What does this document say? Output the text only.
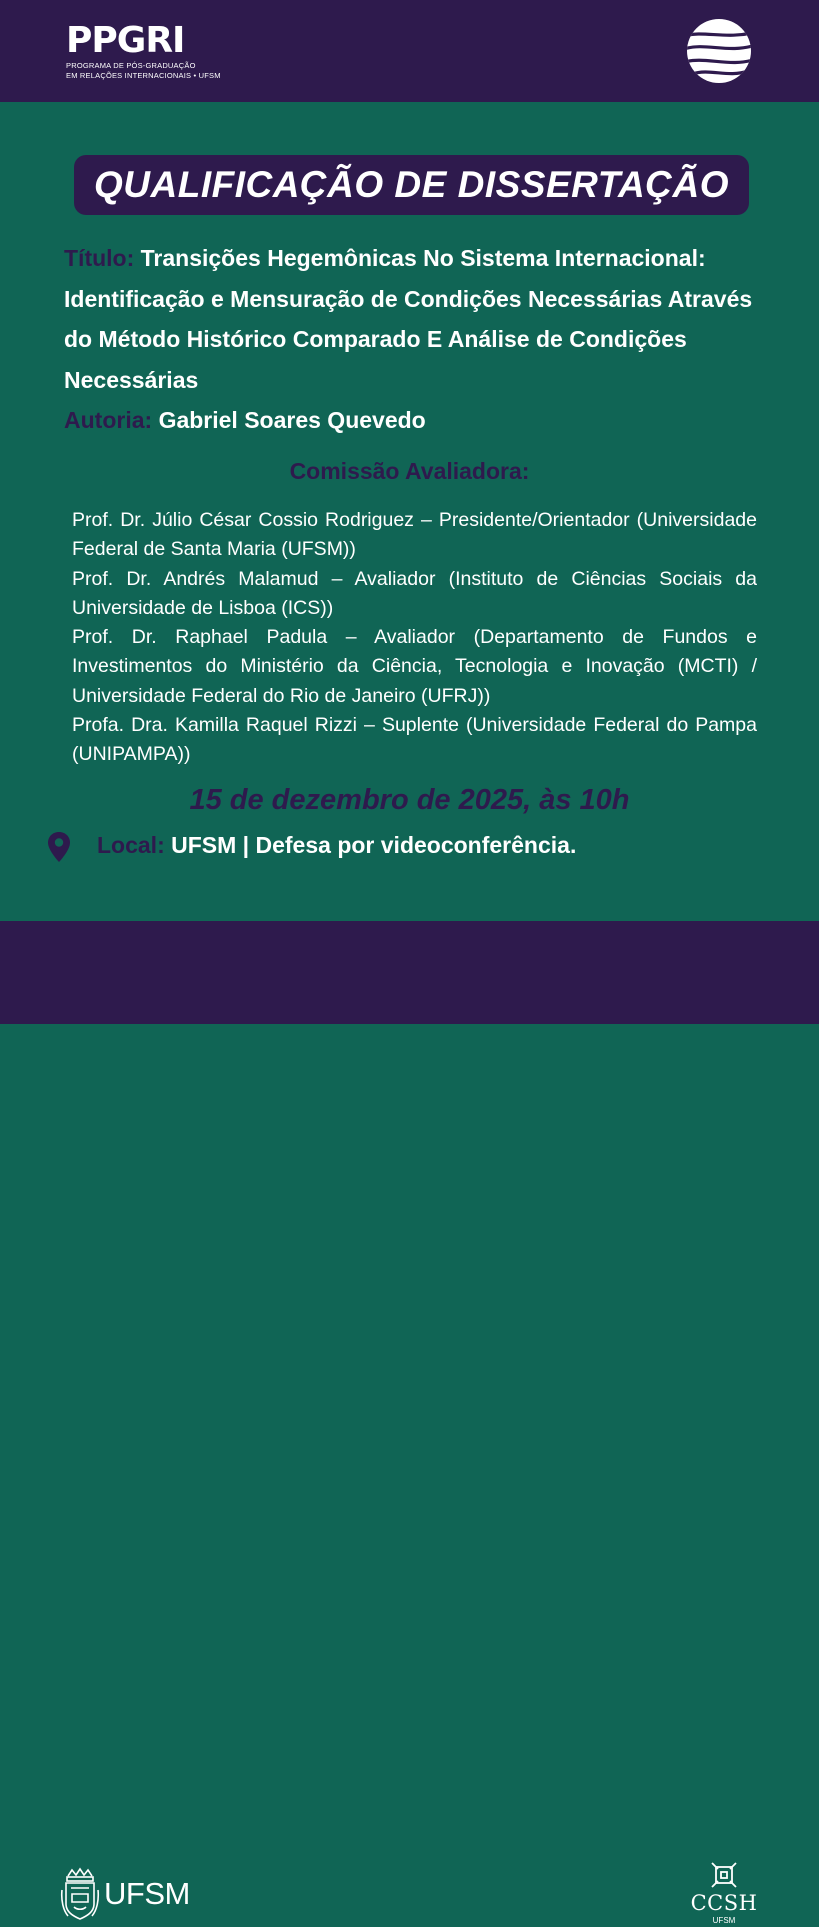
PPGRI
PROGRAMA DE PÓS-GRADUAÇÃO
EM RELAÇÕES INTERNACIONAIS • UFSM
QUALIFICAÇÃO DE DISSERTAÇÃO
Título: Transições Hegemônicas No Sistema Internacional: Identificação e Mensuração de Condições Necessárias Através do Método Histórico Comparado E Análise de Condições Necessárias
Autoria: Gabriel Soares Quevedo
Comissão Avaliadora:

Prof. Dr. Júlio César Cossio Rodriguez – Presidente/Orientador (Universidade Federal de Santa Maria (UFSM))

Prof. Dr. Andrés Malamud – Avaliador (Instituto de Ciências Sociais da Universidade de Lisboa (ICS))

Prof. Dr. Raphael Padula – Avaliador (Departamento de Fundos e Investimentos do Ministério da Ciência, Tecnologia e Inovação (MCTI) / Universidade Federal do Rio de Janeiro (UFRJ))

Profa. Dra. Kamilla Raquel Rizzi – Suplente (Universidade Federal do Pampa (UNIPAMPA))

15 de dezembro de 2025, às 10h
Local: UFSM | Defesa por videoconferência.
UFSM	CCSH
UFSM
